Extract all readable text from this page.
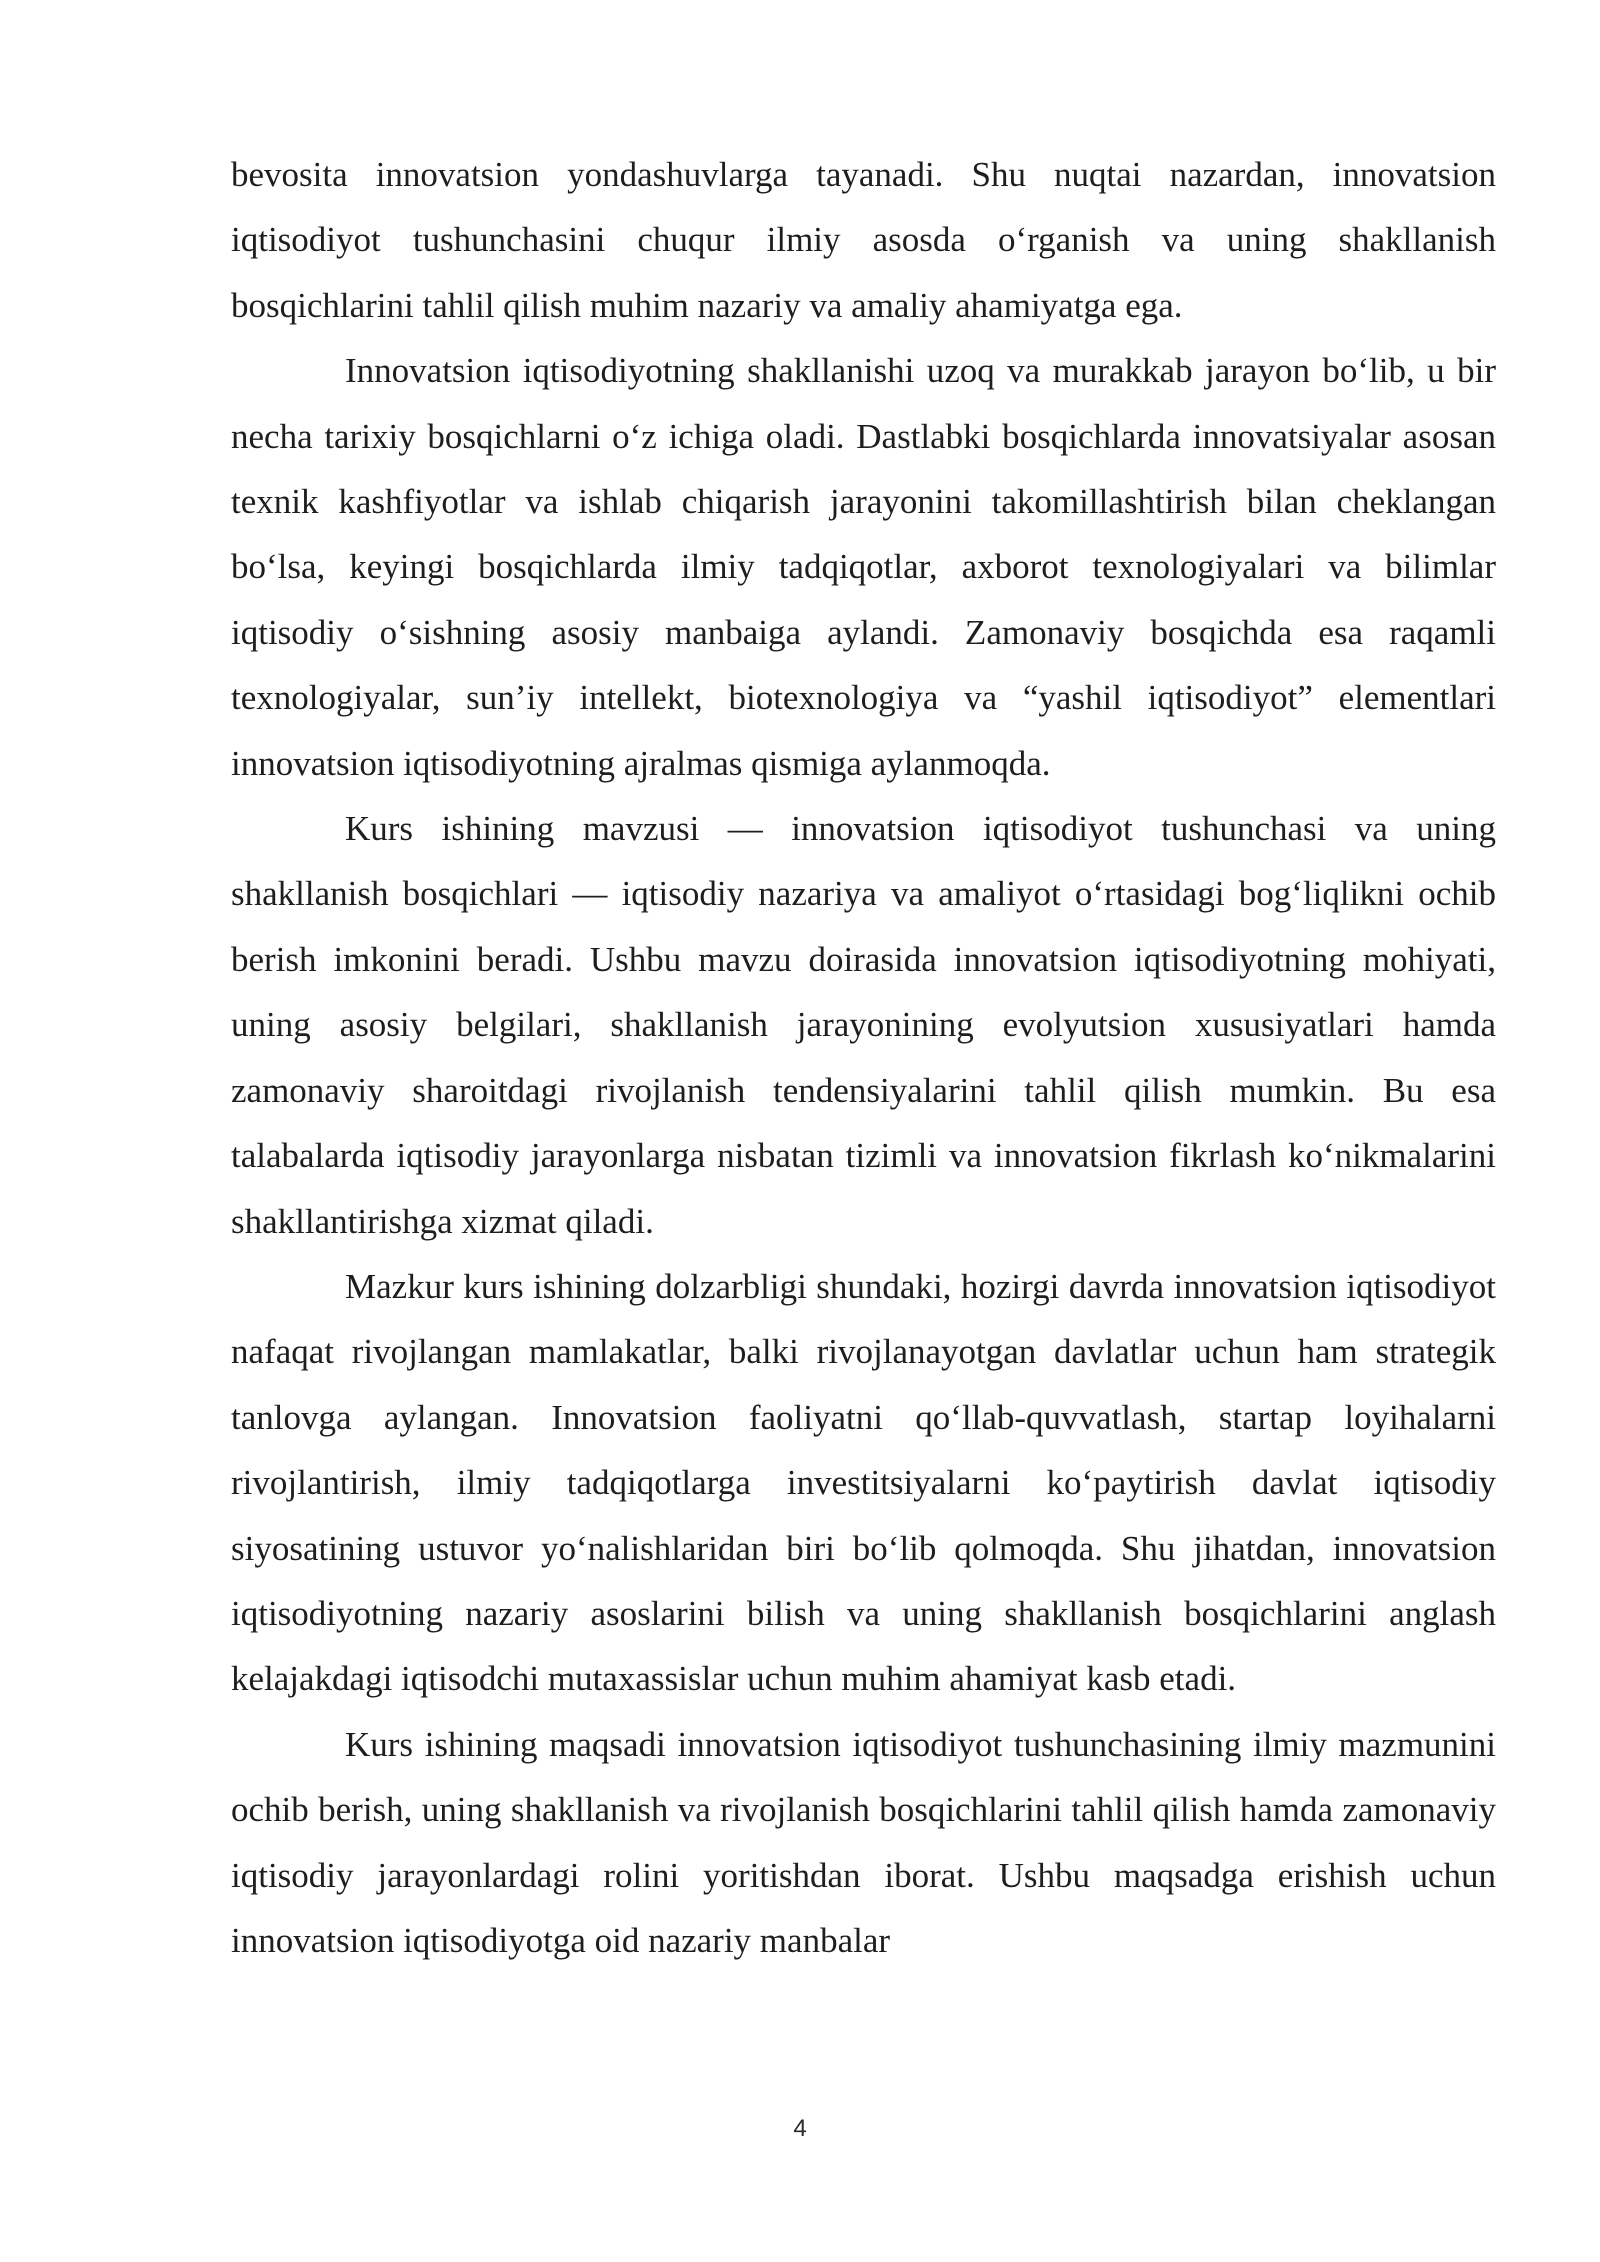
bevosita innovatsion yondashuvlarga tayanadi. Shu nuqtai nazardan, innovatsion iqtisodiyot tushunchasini chuqur ilmiy asosda o‘rganish va uning shakllanish bosqichlarini tahlil qilish muhim nazariy va amaliy ahamiyatga ega.

Innovatsion iqtisodiyotning shakllanishi uzoq va murakkab jarayon bo‘lib, u bir necha tarixiy bosqichlarni o‘z ichiga oladi. Dastlabki bosqichlarda innovatsiyalar asosan texnik kashfiyotlar va ishlab chiqarish jarayonini takomillashtirish bilan cheklangan bo‘lsa, keyingi bosqichlarda ilmiy tadqiqotlar, axborot texnologiyalari va bilimlar iqtisodiy o‘sishning asosiy manbaiga aylandi. Zamonaviy bosqichda esa raqamli texnologiyalar, sun’iy intellekt, biotexnologiya va “yashil iqtisodiyot” elementlari innovatsion iqtisodiyotning ajralmas qismiga aylanmoqda.

Kurs ishining mavzusi — innovatsion iqtisodiyot tushunchasi va uning shakllanish bosqichlari — iqtisodiy nazariya va amaliyot o‘rtasidagi bog‘liqlikni ochib berish imkonini beradi. Ushbu mavzu doirasida innovatsion iqtisodiyotning mohiyati, uning asosiy belgilari, shakllanish jarayonining evolyutsion xususiyatlari hamda zamonaviy sharoitdagi rivojlanish tendensiyalarini tahlil qilish mumkin. Bu esa talabalarda iqtisodiy jarayonlarga nisbatan tizimli va innovatsion fikrlash ko‘nikmalarini shakllantirishga xizmat qiladi.

Mazkur kurs ishining dolzarbligi shundaki, hozirgi davrda innovatsion iqtisodiyot nafaqat rivojlangan mamlakatlar, balki rivojlanayotgan davlatlar uchun ham strategik tanlovga aylangan. Innovatsion faoliyatni qo‘llab-quvvatlash, startap loyihalarni rivojlantirish, ilmiy tadqiqotlarga investitsiyalarni ko‘paytirish davlat iqtisodiy siyosatining ustuvor yo‘nalishlaridan biri bo‘lib qolmoqda. Shu jihatdan, innovatsion iqtisodiyotning nazariy asoslarini bilish va uning shakllanish bosqichlarini anglash kelajakdagi iqtisodchi mutaxassislar uchun muhim ahamiyat kasb etadi.

Kurs ishining maqsadi innovatsion iqtisodiyot tushunchasining ilmiy mazmunini ochib berish, uning shakllanish va rivojlanish bosqichlarini tahlil qilish hamda zamonaviy iqtisodiy jarayonlardagi rolini yoritishdan iborat. Ushbu maqsadga erishish uchun innovatsion iqtisodiyotga oid nazariy manbalar

4
